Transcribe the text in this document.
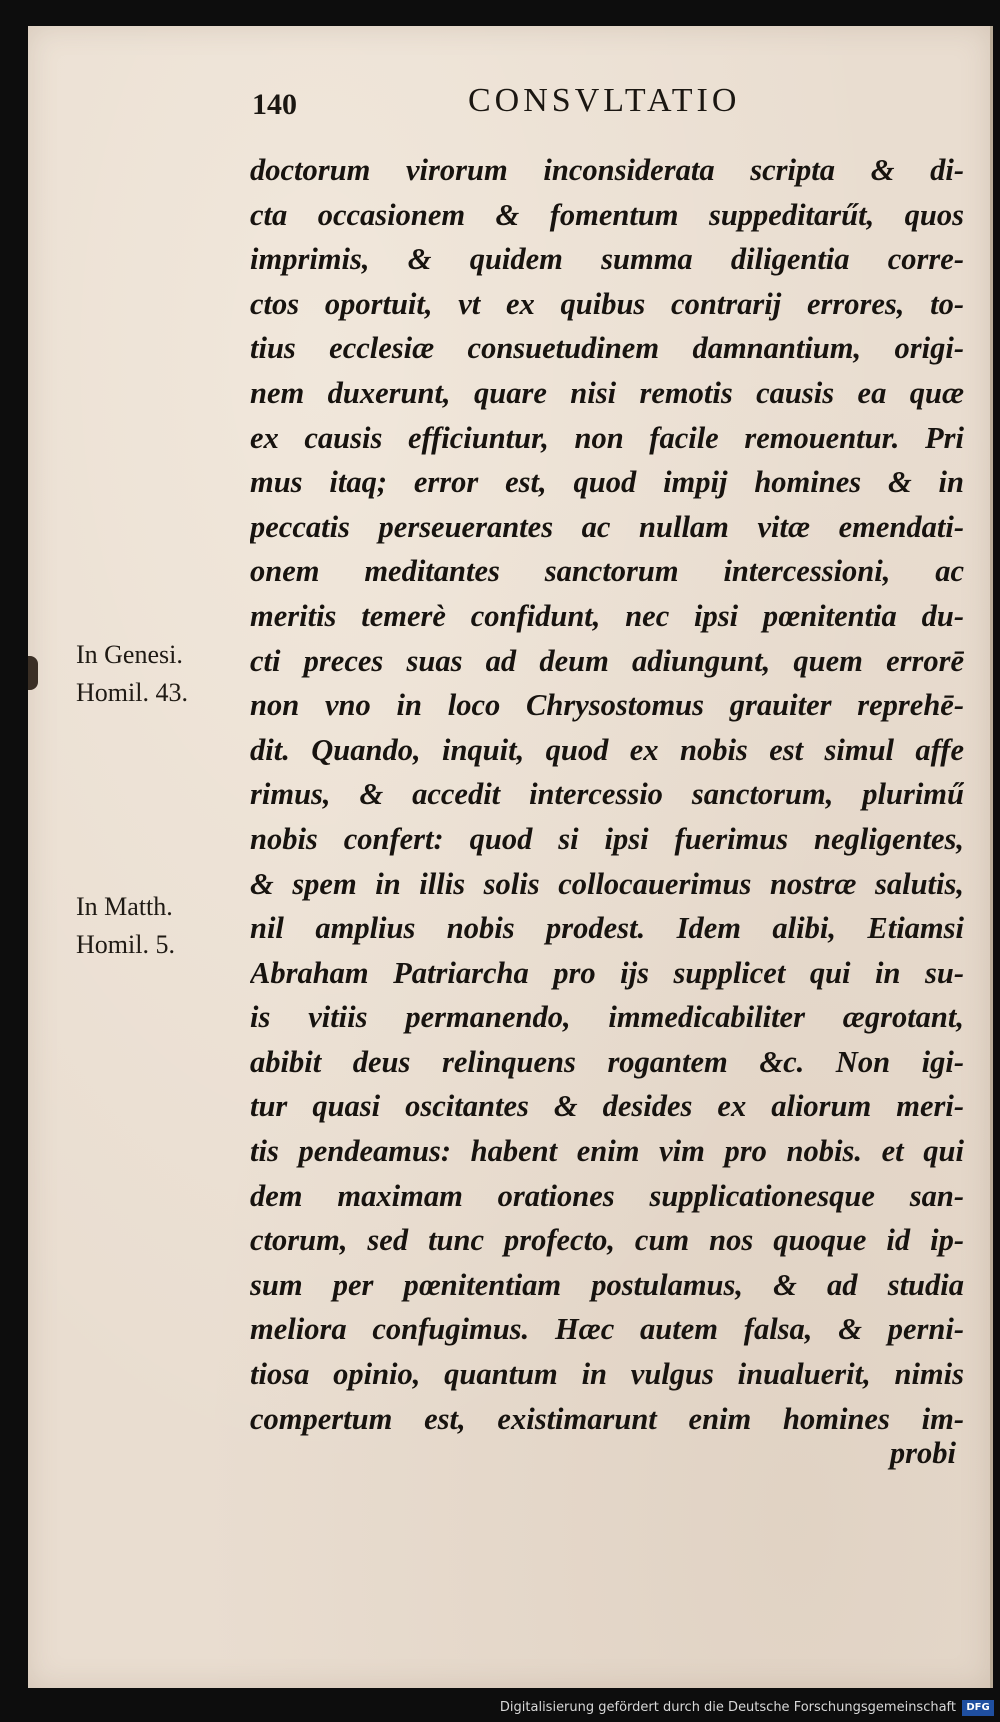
140	CONSVLTATIO
In Genesi.
Homil. 43.
In Matth.
Homil. 5.
doctorum virorum inconsiderata scripta & di-
cta occasionem & fomentum suppeditarűt, quos
imprimis, & quidem summa diligentia corre-
ctos oportuit, vt ex quibus contrarij errores, to-
tius ecclesiæ consuetudinem damnantium, origi-
nem duxerunt, quare nisi remotis causis ea quæ
ex causis efficiuntur, non facile remouentur. Pri
mus itaq; error est, quod impij homines & in
peccatis perseuerantes ac nullam vitæ emendati-
onem meditantes sanctorum intercessioni, ac
meritis temerè confidunt, nec ipsi pœnitentia du-
cti preces suas ad deum adiungunt, quem errorē
non vno in loco Chrysostomus grauiter reprehē-
dit. Quando, inquit, quod ex nobis est simul affe
rimus, & accedit intercessio sanctorum, plurimű
nobis confert: quod si ipsi fuerimus negligentes,
& spem in illis solis collocauerimus nostræ salutis,
nil amplius nobis prodest. Idem alibi, Etiamsi
Abraham Patriarcha pro ijs supplicet qui in su-
is vitiis permanendo, immedicabiliter ægrotant,
abibit deus relinquens rogantem &c. Non igi-
tur quasi oscitantes & desides ex aliorum meri-
tis pendeamus: habent enim vim pro nobis. et qui
dem maximam orationes supplicationesque san-
ctorum, sed tunc profecto, cum nos quoque id ip-
sum per pœnitentiam postulamus, & ad studia
meliora confugimus. Hæc autem falsa, & perni-
tiosa opinio, quantum in vulgus inualuerit, nimis
compertum est, existimarunt enim homines im-
probi
Digitalisierung gefördert durch die Deutsche Forschungsgemeinschaft	DFG
